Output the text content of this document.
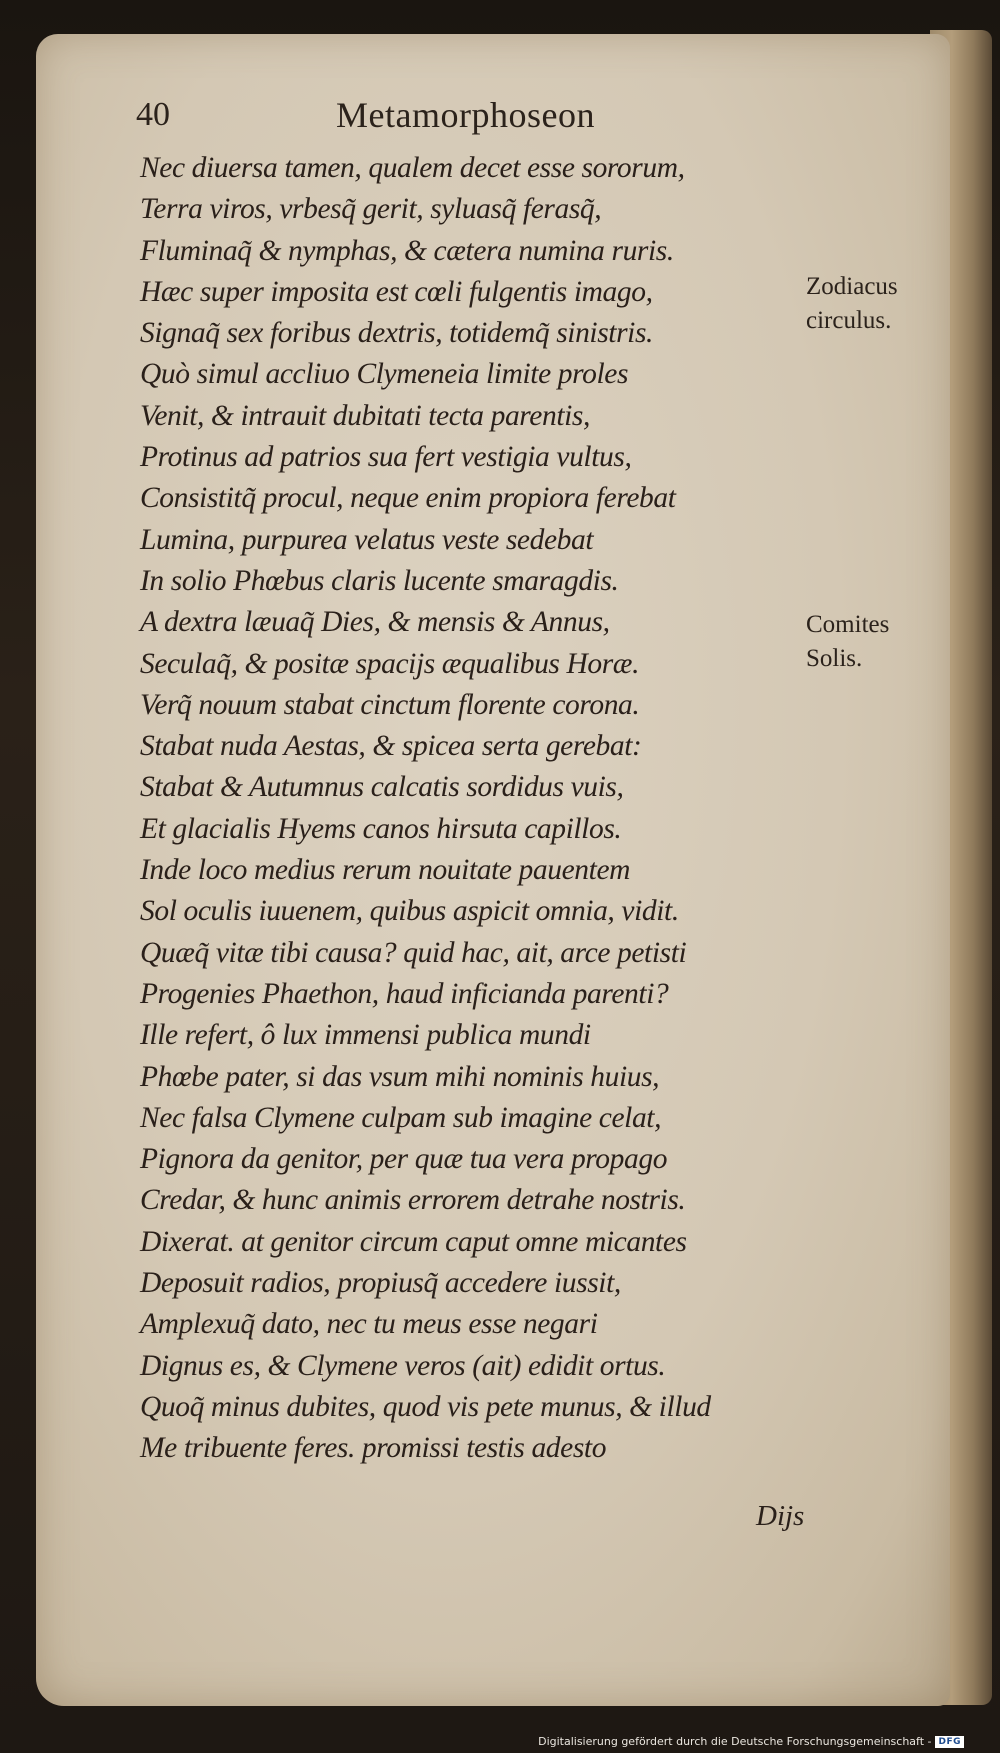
40	Metamorphoseon
Nec diuersa tamen, qualem decet esse sororum,
Terra viros, vrbesq̃ gerit, syluasq̃ ferasq̃,
Fluminaq̃ & nymphas, & cætera numina ruris.
Hæc super imposita est cœli fulgentis imago,
Signaq̃ sex foribus dextris, totidemq̃ sinistris.
Quò simul accliuo Clymeneia limite proles
Venit, & intrauit dubitati tecta parentis,
Protinus ad patrios sua fert vestigia vultus,
Consistitq̃ procul, neque enim propiora ferebat
Lumina, purpurea velatus veste sedebat
In solio Phœbus claris lucente smaragdis.
A dextra læuaq̃ Dies, & mensis & Annus,
Seculaq̃, & positæ spacijs æqualibus Horæ.
Verq̃ nouum stabat cinctum florente corona.
Stabat nuda Aestas, & spicea serta gerebat:
Stabat & Autumnus calcatis sordidus vuis,
Et glacialis Hyems canos hirsuta capillos.
Inde loco medius rerum nouitate pauentem
Sol oculis iuuenem, quibus aspicit omnia, vidit.
Quæq̃ vitæ tibi causa? quid hac, ait, arce petisti
Progenies Phaethon, haud inficianda parenti?
Ille refert, ô lux immensi publica mundi
Phœbe pater, si das vsum mihi nominis huius,
Nec falsa Clymene culpam sub imagine celat,
Pignora da genitor, per quæ tua vera propago
Credar, & hunc animis errorem detrahe nostris.
Dixerat. at genitor circum caput omne micantes
Deposuit radios, propiusq̃ accedere iussit,
Amplexuq̃ dato, nec tu meus esse negari
Dignus es, & Clymene veros (ait) edidit ortus.
Quoq̃ minus dubites, quod vis pete munus, & illud
Me tribuente feres. promissi testis adesto
Zodiacus
circulus.
Comites
Solis.
Dijs
Digitalisierung gefördert durch die Deutsche Forschungsgemeinschaft - DFG
